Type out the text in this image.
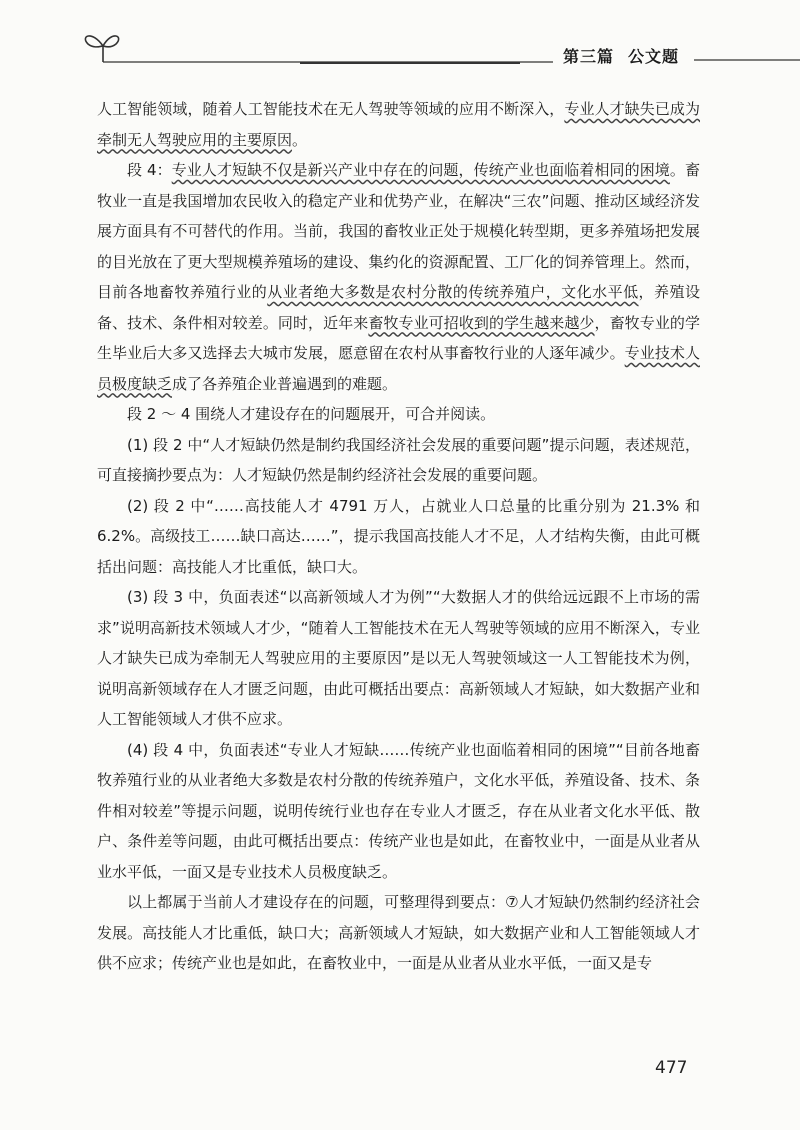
第三篇 公文题

人工智能领域，随着人工智能技术在无人驾驶等领域的应用不断深入，专业人才缺失已成为牵制无人驾驶应用的主要原因。

段 4：专业人才短缺不仅是新兴产业中存在的问题，传统产业也面临着相同的困境。畜牧业一直是我国增加农民收入的稳定产业和优势产业，在解决“三农”问题、推动区域经济发展方面具有不可替代的作用。当前，我国的畜牧业正处于规模化转型期，更多养殖场把发展的目光放在了更大型规模养殖场的建设、集约化的资源配置、工厂化的饲养管理上。然而，目前各地畜牧养殖行业的从业者绝大多数是农村分散的传统养殖户，文化水平低，养殖设备、技术、条件相对较差。同时，近年来畜牧专业可招收到的学生越来越少，畜牧专业的学生毕业后大多又选择去大城市发展，愿意留在农村从事畜牧行业的人逐年减少。专业技术人员极度缺乏成了各养殖企业普遍遇到的难题。

段 2 ～ 4 围绕人才建设存在的问题展开，可合并阅读。

(1) 段 2 中“人才短缺仍然是制约我国经济社会发展的重要问题”提示问题，表述规范，可直接摘抄要点为：人才短缺仍然是制约经济社会发展的重要问题。

(2) 段 2 中“……高技能人才 4791 万人，占就业人口总量的比重分别为 21.3% 和 6.2%。高级技工……缺口高达……”，提示我国高技能人才不足，人才结构失衡，由此可概括出问题：高技能人才比重低，缺口大。

(3) 段 3 中，负面表述“以高新领域人才为例”“大数据人才的供给远远跟不上市场的需求”说明高新技术领域人才少，“随着人工智能技术在无人驾驶等领域的应用不断深入，专业人才缺失已成为牵制无人驾驶应用的主要原因”是以无人驾驶领域这一人工智能技术为例，说明高新领域存在人才匮乏问题，由此可概括出要点：高新领域人才短缺，如大数据产业和人工智能领域人才供不应求。

(4) 段 4 中，负面表述“专业人才短缺……传统产业也面临着相同的困境”“目前各地畜牧养殖行业的从业者绝大多数是农村分散的传统养殖户，文化水平低，养殖设备、技术、条件相对较差”等提示问题，说明传统行业也存在专业人才匮乏，存在从业者文化水平低、散户、条件差等问题，由此可概括出要点：传统产业也是如此，在畜牧业中，一面是从业者从业水平低，一面又是专业技术人员极度缺乏。

以上都属于当前人才建设存在的问题，可整理得到要点：⑦人才短缺仍然制约经济社会发展。高技能人才比重低，缺口大；高新领域人才短缺，如大数据产业和人工智能领域人才供不应求；传统产业也是如此，在畜牧业中，一面是从业者从业水平低，一面又是专

477
